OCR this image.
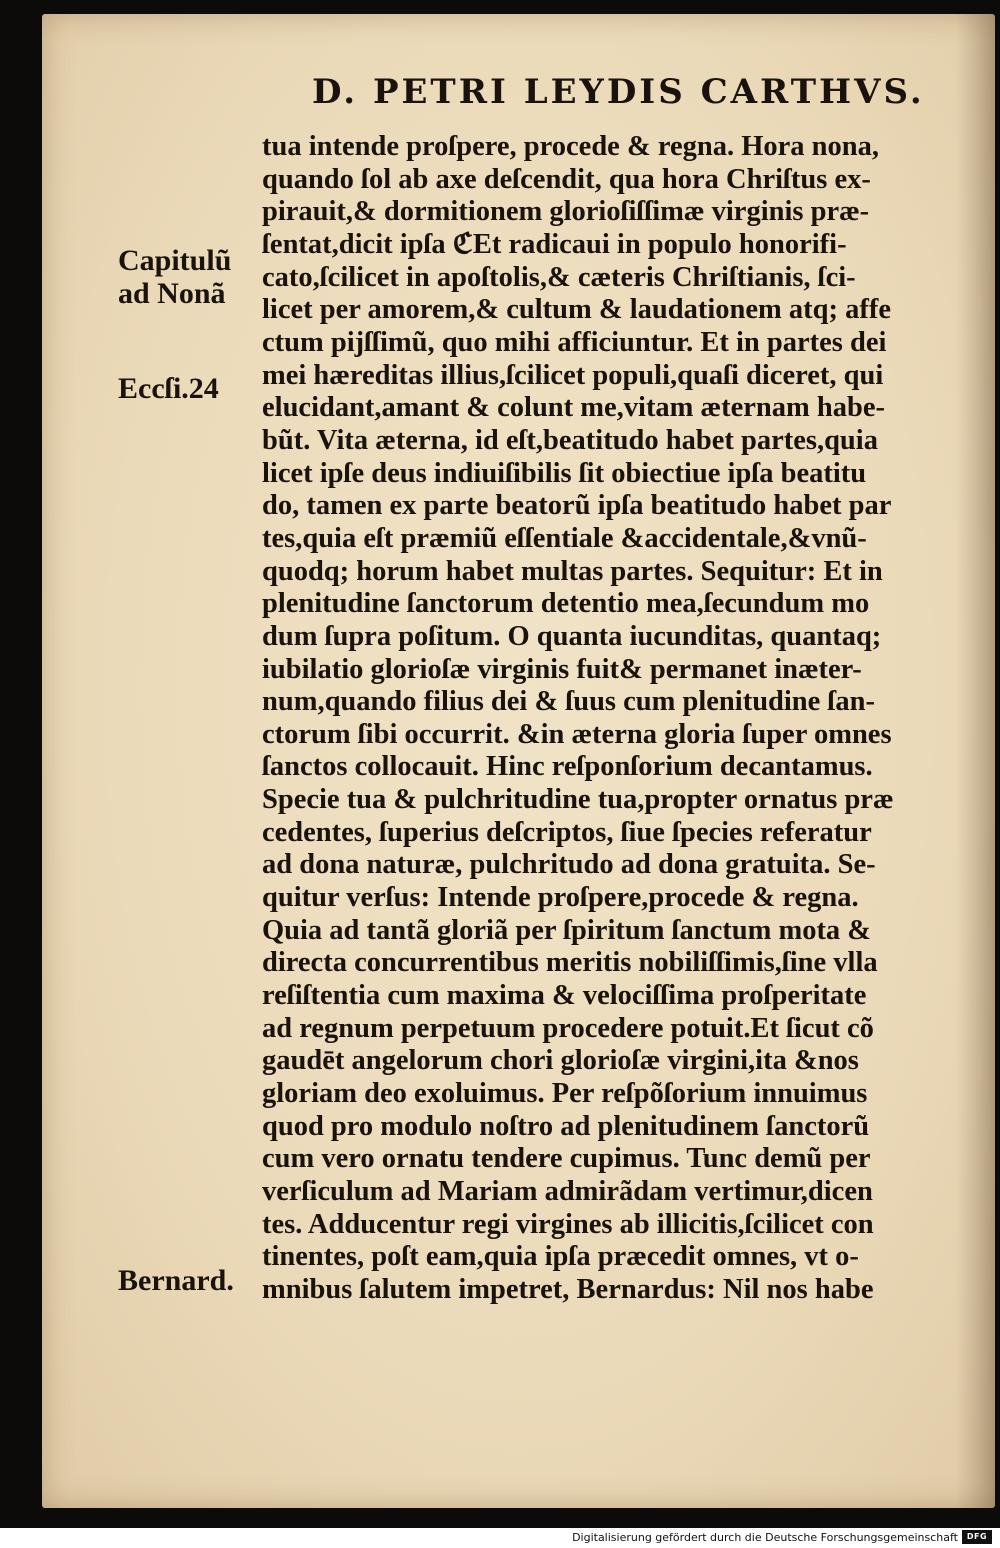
D. PETRI LEYDIS CARTHVS.
Capitulũ
ad Nonã
Eccſi.24
Bernard.
tua intende proſpere, procede & regna. Hora nona,
quando ſol ab axe deſcendit, qua hora Chriſtus ex-
pirauit,& dormitionem glorioſiſſimæ virginis præ-
ſentat,dicit ipſa ℭEt radicaui in populo honorifi-
cato,ſcilicet in apoſtolis,& cæteris Chriſtianis, ſci-
licet per amorem,& cultum & laudationem atq; affe
ctum pijſſimũ, quo mihi afficiuntur. Et in partes dei
mei hæreditas illius,ſcilicet populi,quaſi diceret, qui
elucidant,amant & colunt me,vitam æternam habe-
bũt. Vita æterna, id eſt,beatitudo habet partes,quia
licet ipſe deus indiuiſibilis ſit obiectiue ipſa beatitu
do, tamen ex parte beatorũ ipſa beatitudo habet par
tes,quia eſt præmiũ eſſentiale &accidentale,&vnũ-
quodq; horum habet multas partes. Sequitur: Et in
plenitudine ſanctorum detentio mea,ſecundum mo
dum ſupra poſitum. O quanta iucunditas, quantaq;
iubilatio glorioſæ virginis fuit& permanet inæter-
num,quando filius dei & ſuus cum plenitudine ſan-
ctorum ſibi occurrit. &in æterna gloria ſuper omnes
ſanctos collocauit. Hinc reſponſorium decantamus.
Specie tua & pulchritudine tua,propter ornatus præ
cedentes, ſuperius deſcriptos, ſiue ſpecies referatur
ad dona naturæ, pulchritudo ad dona gratuita. Se-
quitur verſus: Intende proſpere,procede & regna.
Quia ad tantã gloriã per ſpiritum ſanctum mota &
directa concurrentibus meritis nobiliſſimis,ſine vlla
reſiſtentia cum maxima & velociſſima proſperitate
ad regnum perpetuum procedere potuit.Et ſicut cõ
gaudēt angelorum chori glorioſæ virgini,ita &nos
gloriam deo exoluimus. Per reſpõſorium innuimus
quod pro modulo noſtro ad plenitudinem ſanctorũ
cum vero ornatu tendere cupimus. Tunc demũ per
verſiculum ad Mariam admirãdam vertimur,dicen
tes. Adducentur regi virgines ab illicitis,ſcilicet con
tinentes, poſt eam,quia ipſa præcedit omnes, vt o-
mnibus ſalutem impetret, Bernardus: Nil nos habe
Digitalisierung gefördert durch die Deutsche Forschungsgemeinschaft	DFG
